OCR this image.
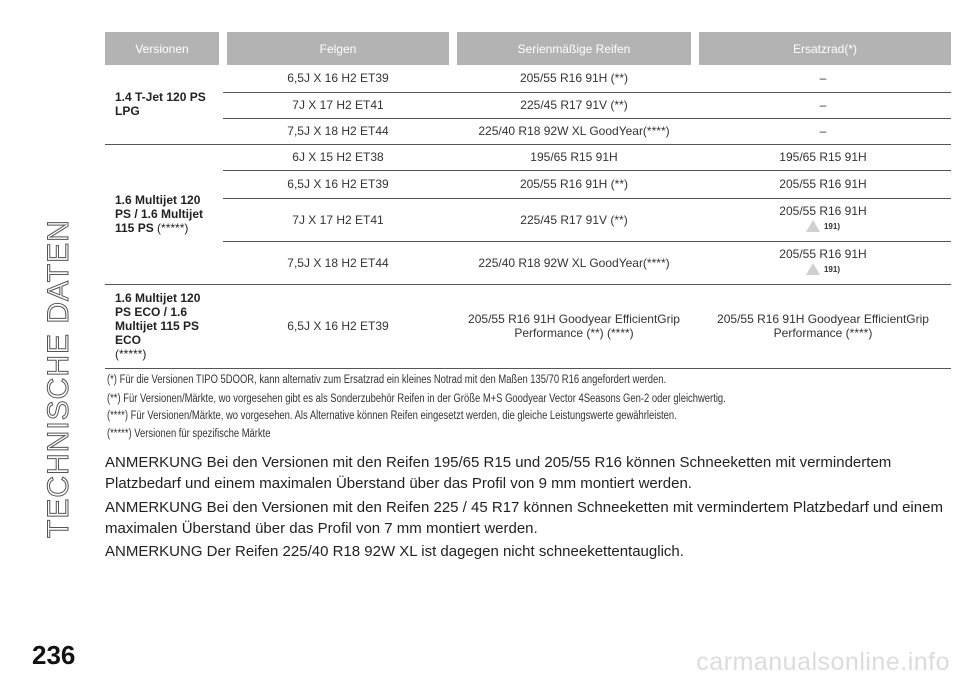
TECHNISCHE DATEN
Versionen	Felgen	Serienmäßige Reifen	Ersatzrad(*)
1.4 T-Jet 120 PS LPG	6,5J X 16 H2 ET39	205/55 R16 91H (**)	–
	7J X 17 H2 ET41	225/45 R17 91V (**)	–
	7,5J X 18 H2 ET44	225/40 R18 92W XL GoodYear(****)	–
1.6 Multijet 120 PS / 1.6 Multijet 115 PS (*****)	6J X 15 H2 ET38	195/65 R15 91H	195/65 R15 91H
	6,5J X 16 H2 ET39	205/55 R16 91H (**)	205/55 R16 91H
	7J X 17 H2 ET41	225/45 R17 91V (**)	205/55 R16 91H
191)

	7,5J X 18 H2 ET44	225/40 R18 92W XL GoodYear(****)	205/55 R16 91H
191)

1.6 Multijet 120 PS ECO / 1.6 Multijet 115 PS ECO
(*****)	6,5J X 16 H2 ET39	205/55 R16 91H Goodyear EfficientGrip Performance (**) (****)	205/55 R16 91H Goodyear EfficientGrip Performance (****)
(*) Für die Versionen TIPO 5DOOR, kann alternativ zum Ersatzrad ein kleines Notrad mit den Maßen 135/70 R16 angefordert werden.
(**) Für Versionen/Märkte, wo vorgesehen gibt es als Sonderzubehör Reifen in der Größe M+S Goodyear Vector 4Seasons Gen-2 oder gleichwertig.
(****) Für Versionen/Märkte, wo vorgesehen. Als Alternative können Reifen eingesetzt werden, die gleiche Leistungswerte gewährleisten.
(*****) Versionen für spezifische Märkte
ANMERKUNG Bei den Versionen mit den Reifen 195/65 R15 und 205/55 R16 können Schneeketten mit vermindertem Platzbedarf und einem maximalen Überstand über das Profil von 9 mm montiert werden.
ANMERKUNG Bei den Versionen mit den Reifen 225 / 45 R17 können Schneeketten mit vermindertem Platzbedarf und einem maximalen Überstand über das Profil von 7 mm montiert werden.
ANMERKUNG Der Reifen 225/40 R18 92W XL ist dagegen nicht schneekettentauglich.
236	carmanualsonline.info
